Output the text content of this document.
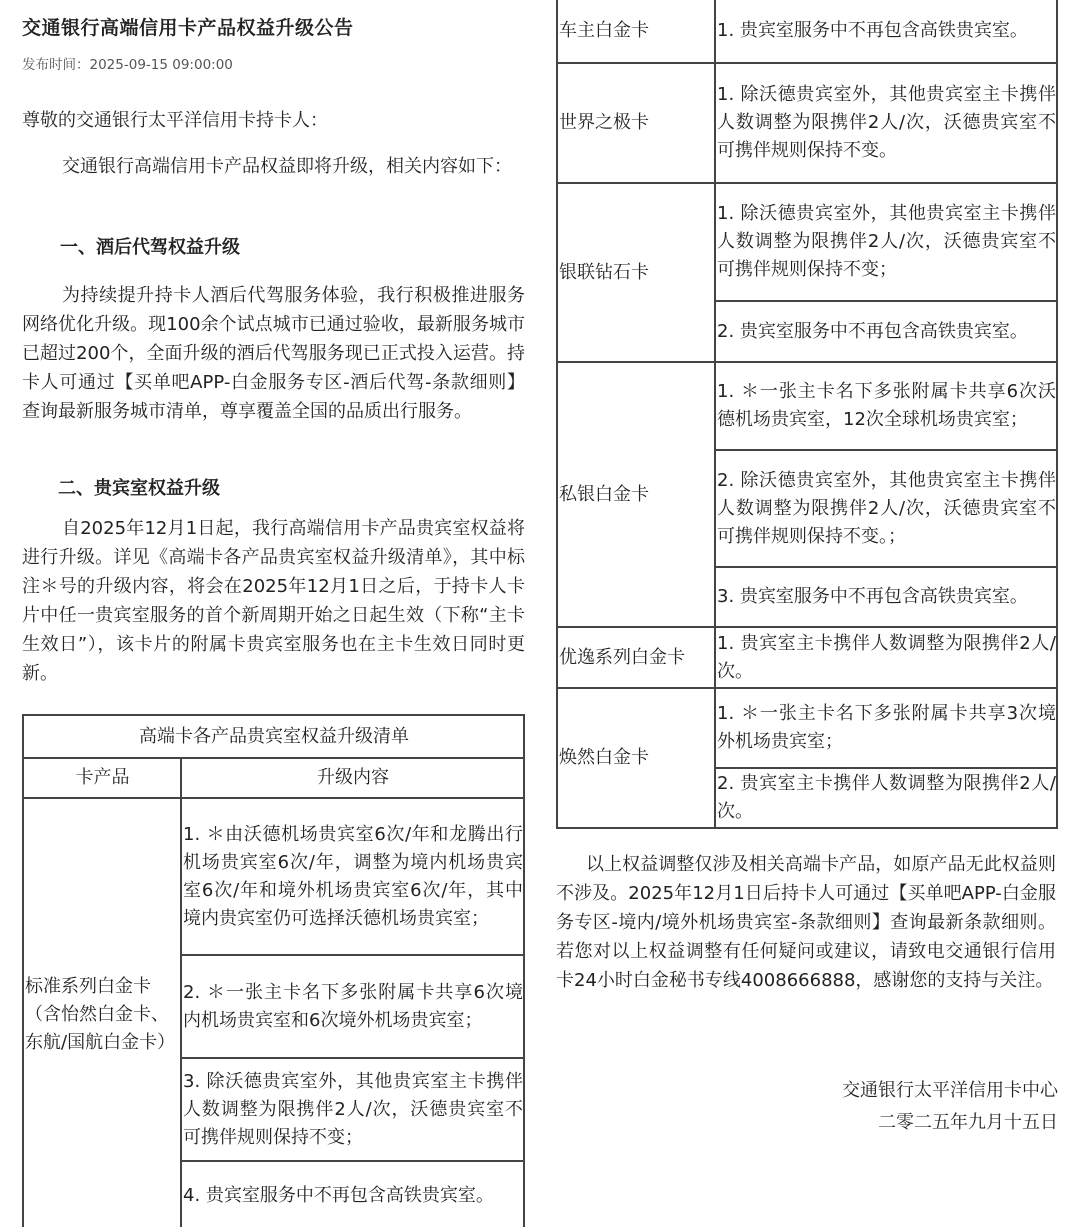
交通银行高端信用卡产品权益升级公告
发布时间：2025-09-15 09:00:00

尊敬的交通银行太平洋信用卡持卡人：

交通银行高端信用卡产品权益即将升级，相关内容如下：

一、酒后代驾权益升级

为持续提升持卡人酒后代驾服务体验，我行积极推进服务网络优化升级。现100余个试点城市已通过验收，最新服务城市已超过200个，全面升级的酒后代驾服务现已正式投入运营。持卡人可通过【买单吧APP-白金服务专区-酒后代驾-条款细则】查询最新服务城市清单，尊享覆盖全国的品质出行服务。

二、贵宾室权益升级

自2025年12月1日起，我行高端信用卡产品贵宾室权益将进行升级。详见《高端卡各产品贵宾室权益升级清单》，其中标注＊号的升级内容，将会在2025年12月1日之后，于持卡人卡片中任一贵宾室服务的首个新周期开始之日起生效（下称“主卡生效日”），该卡片的附属卡贵宾室服务也在主卡生效日同时更新。

高端卡各产品贵宾室权益升级清单	
卡产品	升级内容
标准系列白金卡（含怡然白金卡、东航/国航白金卡）	1. ＊由沃德机场贵宾室6次/年和龙腾出行机场贵宾室6次/年，调整为境内机场贵宾室6次/年和境外机场贵宾室6次/年，其中境内贵宾室仍可选择沃德机场贵宾室；
	2. ＊一张主卡名下多张附属卡共享6次境内机场贵宾室和6次境外机场贵宾室；
	3. 除沃德贵宾室外，其他贵宾室主卡携伴人数调整为限携伴2人/次，沃德贵宾室不可携伴规则保持不变；
	4. 贵宾室服务中不再包含高铁贵宾室。
车主白金卡	1. 贵宾室服务中不再包含高铁贵宾室。
世界之极卡	1. 除沃德贵宾室外，其他贵宾室主卡携伴人数调整为限携伴2人/次，沃德贵宾室不可携伴规则保持不变。
银联钻石卡	1. 除沃德贵宾室外，其他贵宾室主卡携伴人数调整为限携伴2人/次，沃德贵宾室不可携伴规则保持不变；
	2. 贵宾室服务中不再包含高铁贵宾室。
私银白金卡	1. ＊一张主卡名下多张附属卡共享6次沃德机场贵宾室，12次全球机场贵宾室；
	2. 除沃德贵宾室外，其他贵宾室主卡携伴人数调整为限携伴2人/次，沃德贵宾室不可携伴规则保持不变。；
	3. 贵宾室服务中不再包含高铁贵宾室。
优逸系列白金卡	1. 贵宾室主卡携伴人数调整为限携伴2人/次。
焕然白金卡	1. ＊一张主卡名下多张附属卡共享3次境外机场贵宾室；
	2. 贵宾室主卡携伴人数调整为限携伴2人/次。

以上权益调整仅涉及相关高端卡产品，如原产品无此权益则不涉及。2025年12月1日后持卡人可通过【买单吧APP-白金服务专区-境内/境外机场贵宾室-条款细则】查询最新条款细则。若您对以上权益调整有任何疑问或建议，请致电交通银行信用卡24小时白金秘书专线4008666888，感谢您的支持与关注。

交通银行太平洋信用卡中心

二零二五年九月十五日
